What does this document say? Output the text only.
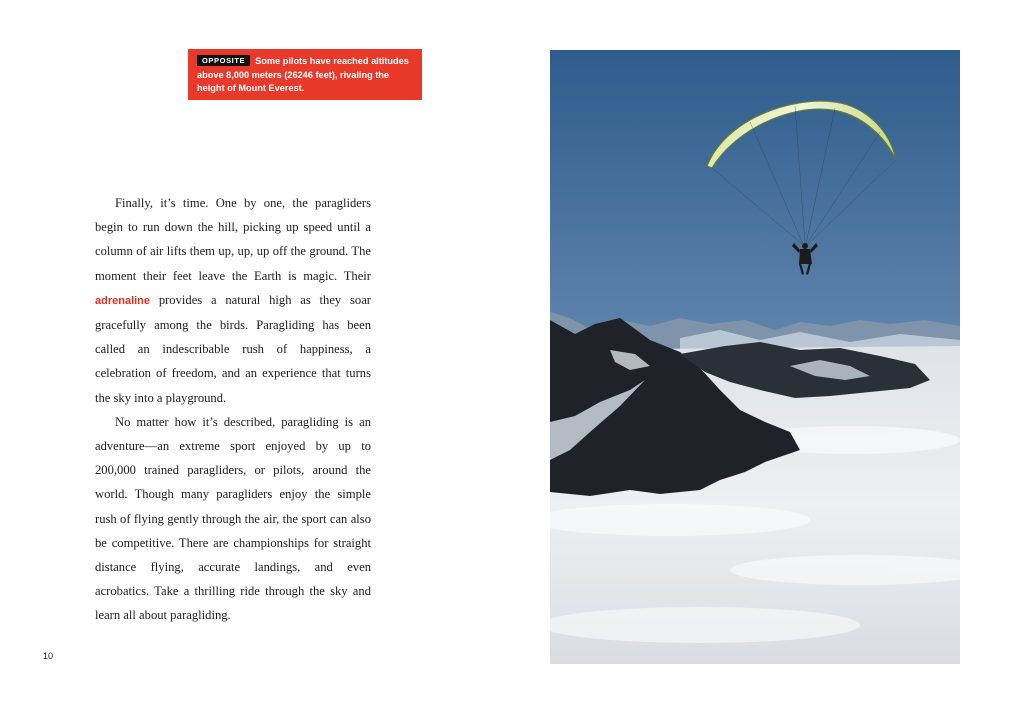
OPPOSITE Some pilots have reached altitudes above 8,000 meters (26246 feet), rivaling the height of Mount Everest.

Finally, it’s time. One by one, the paragliders begin to run down the hill, picking up speed until a column of air lifts them up, up, up off the ground. The moment their feet leave the Earth is magic. Their adrenaline provides a natural high as they soar gracefully among the birds. Paragliding has been called an indescribable rush of happiness, a celebration of freedom, and an experience that turns the sky into a playground.

No matter how it’s described, paragliding is an adventure—an extreme sport enjoyed by up to 200,000 trained paragliders, or pilots, around the world. Though many paragliders enjoy the simple rush of flying gently through the air, the sport can also be competitive. There are championships for straight distance flying, accurate landings, and even acrobatics. Take a thrilling ride through the sky and learn all about paragliding.

10
